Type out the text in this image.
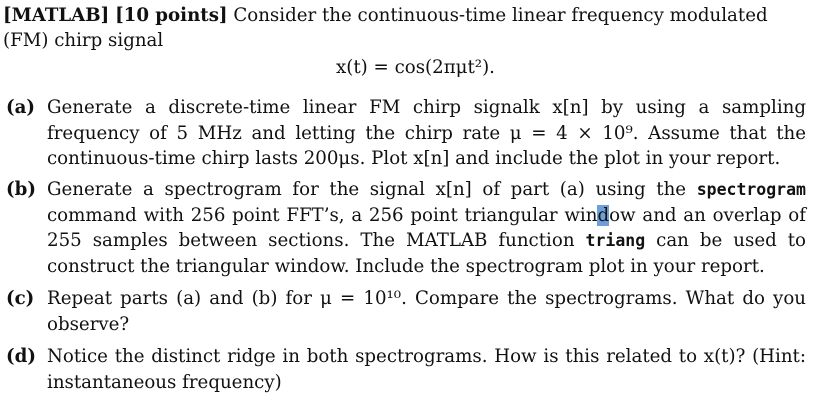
[MATLAB] [10 points] Consider the continuous-time linear frequency modulated (FM) chirp signal
x(t) = cos(2πμt²).
(a) Generate a discrete-time linear FM chirp signalk x[n] by using a sampling frequency of 5 MHz and letting the chirp rate μ = 4 × 10⁹. Assume that the continuous-time chirp lasts 200μs. Plot x[n] and include the plot in your report.
(b) Generate a spectrogram for the signal x[n] of part (a) using the spectrogram command with 256 point FFT’s, a 256 point triangular window and an overlap of 255 samples between sections. The MATLAB function triang can be used to construct the triangular window. Include the spectrogram plot in your report.
(c) Repeat parts (a) and (b) for μ = 10¹⁰. Compare the spectrograms. What do you observe?
(d) Notice the distinct ridge in both spectrograms. How is this related to x(t)? (Hint: instantaneous frequency)
